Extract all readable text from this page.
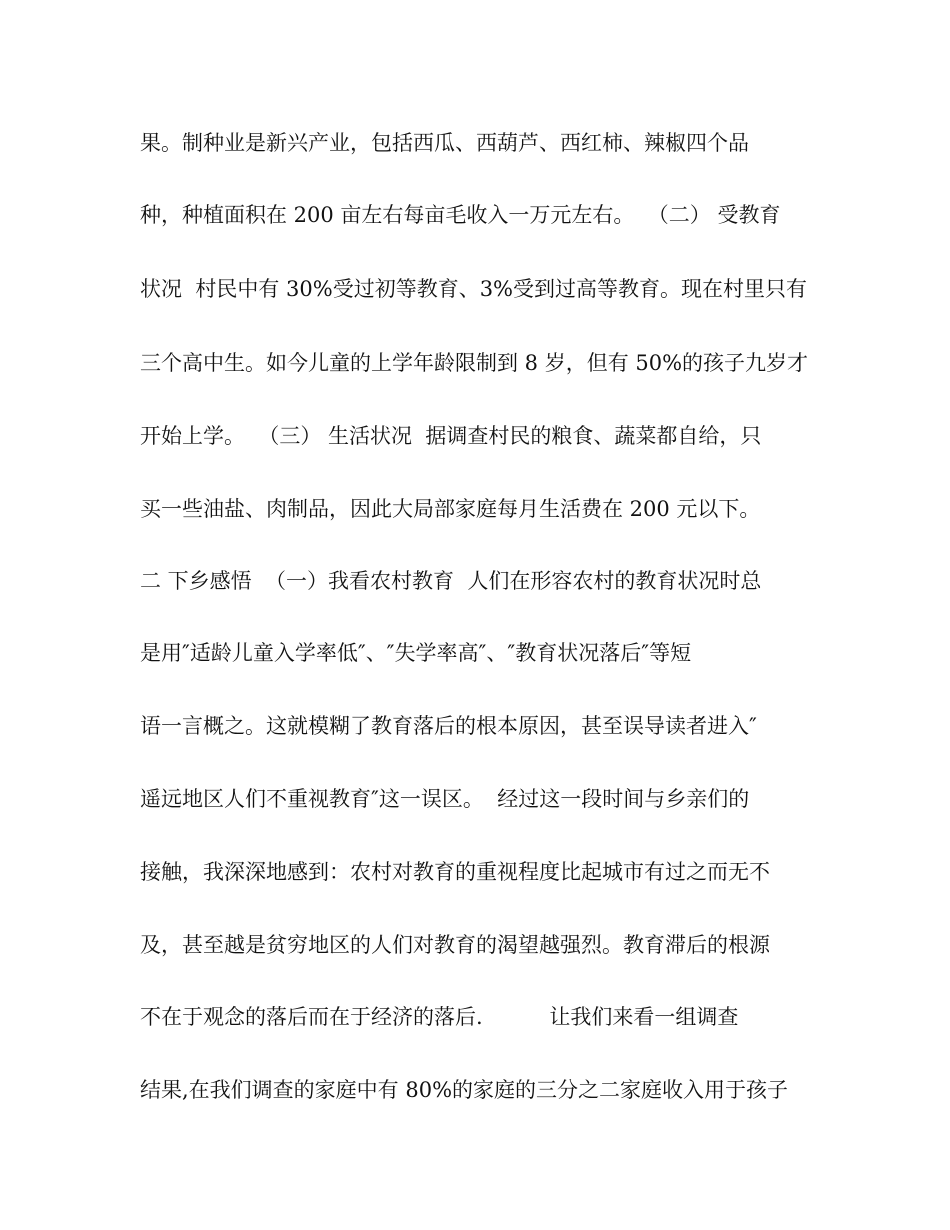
果。制种业是新兴产业，包括西瓜、西葫芦、西红柿、辣椒四个品
种，种植面积在 200 亩左右每亩毛收入一万元左右。  （二） 受教育
状况  村民中有 30%受过初等教育、3%受到过高等教育。现在村里只有
三个高中生。如今儿童的上学年龄限制到 8 岁，但有 50%的孩子九岁才
开始上学。  （三） 生活状况  据调查村民的粮食、蔬菜都自给，只
买一些油盐、肉制品，因此大局部家庭每月生活费在 200 元以下。
二 下乡感悟  （一）我看农村教育  人们在形容农村的教育状况时总
是用″适龄儿童入学率低″、″失学率高″、″教育状况落后″等短
语一言概之。这就模糊了教育落后的根本原因，甚至误导读者进入″
遥远地区人们不重视教育″这一误区。  经过这一段时间与乡亲们的
接触，我深深地感到：农村对教育的重视程度比起城市有过之而无不
及，甚至越是贫穷地区的人们对教育的渴望越强烈。教育滞后的根源
不在于观念的落后而在于经济的落后.          让我们来看一组调查
结果,在我们调查的家庭中有 80%的家庭的三分之二家庭收入用于孩子
